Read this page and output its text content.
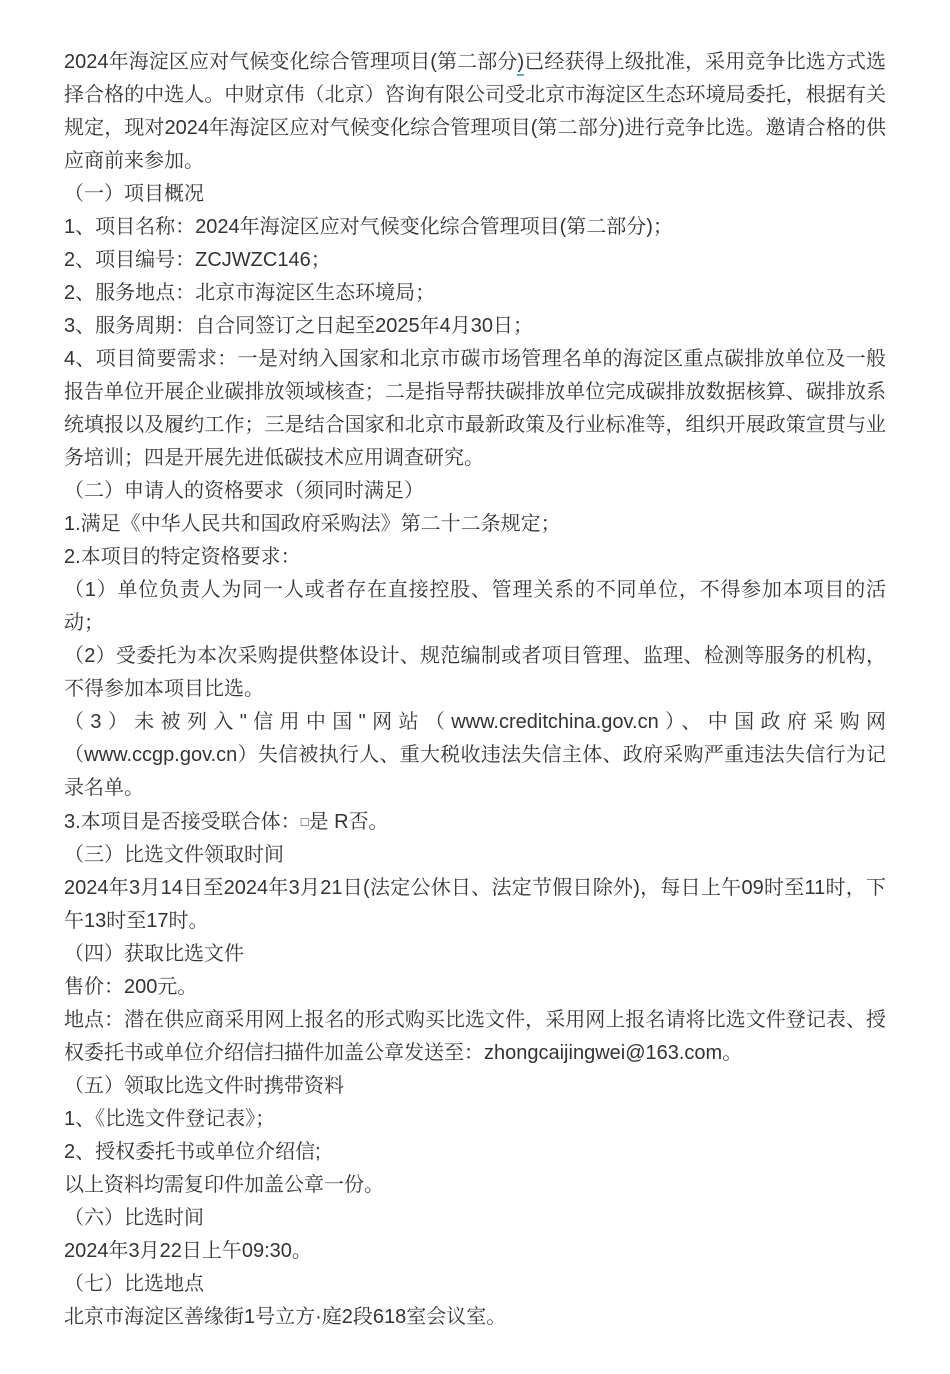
2024年海淀区应对气候变化综合管理项目(第二部分)已经获得上级批准，采用竞争比选方式选择合格的中选人。中财京伟（北京）咨询有限公司受北京市海淀区生态环境局委托，根据有关规定，现对2024年海淀区应对气候变化综合管理项目(第二部分)进行竞争比选。邀请合格的供应商前来参加。

（一）项目概况

1、项目名称：2024年海淀区应对气候变化综合管理项目(第二部分)；

2、项目编号：ZCJWZC146；

2、服务地点：北京市海淀区生态环境局；

3、服务周期：自合同签订之日起至2025年4月30日；

4、项目简要需求：一是对纳入国家和北京市碳市场管理名单的海淀区重点碳排放单位及一般报告单位开展企业碳排放领域核查；二是指导帮扶碳排放单位完成碳排放数据核算、碳排放系统填报以及履约工作；三是结合国家和北京市最新政策及行业标准等，组织开展政策宣贯与业务培训；四是开展先进低碳技术应用调查研究。

（二）申请人的资格要求（须同时满足）

1.满足《中华人民共和国政府采购法》第二十二条规定；

2.本项目的特定资格要求：

（1）单位负责人为同一人或者存在直接控股、管理关系的不同单位，不得参加本项目的活动；

（2）受委托为本次采购提供整体设计、规范编制或者项目管理、监理、检测等服务的机构，不得参加本项目比选。

（3）未被列入"信用中国"网站（www.creditchina.gov.cn）、中国政府采购网（www.ccgp.gov.cn）失信被执行人、重大税收违法失信主体、政府采购严重违法失信行为记录名单。

3.本项目是否接受联合体：□是 R否。

（三）比选文件领取时间

2024年3月14日至2024年3月21日(法定公休日、法定节假日除外)，每日上午09时至11时，下午13时至17时。

（四）获取比选文件

售价：200元。

地点：潜在供应商采用网上报名的形式购买比选文件，采用网上报名请将比选文件登记表、授权委托书或单位介绍信扫描件加盖公章发送至：zhongcaijingwei@163.com。

（五）领取比选文件时携带资料

1、《比选文件登记表》；

2、授权委托书或单位介绍信;

以上资料均需复印件加盖公章一份。

（六）比选时间

2024年3月22日上午09:30。

（七）比选地点

北京市海淀区善缘街1号立方·庭2段618室会议室。
